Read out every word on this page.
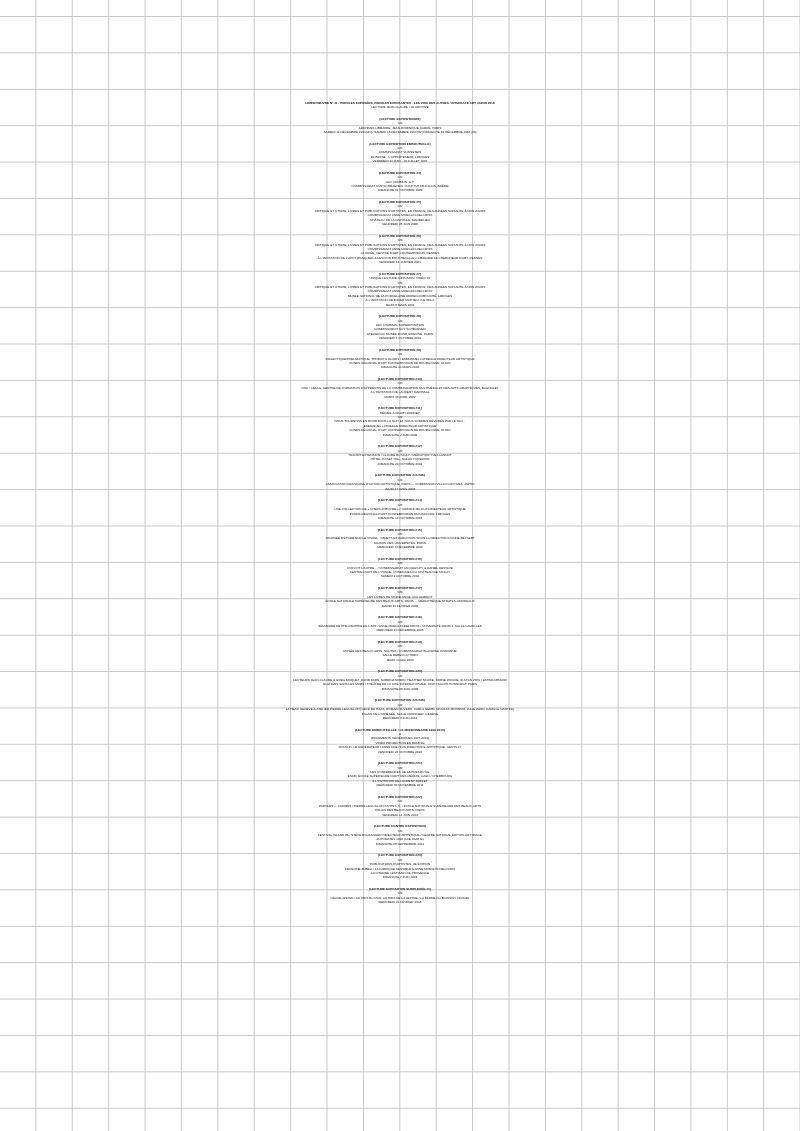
HORSD'ŒUVRE N° 41 / PAROLES EXPOSÉES, PAROLES EXPOSANTES : LES VOIX DES AUTRES / INTERFACE ART, DIJON 2018
LECTURE JEAN-CLAUDE / LE ARCHIVE
[LECTURE EXPOSITION#0]
C/0
ARCHIVES LIBRAIRIE, JEAN-DOMINIQUE CARRÉ, PARIS
SAMEDI 11 DÉCEMBRE 1993 [#1] / SAMEDI 18 DÉCEMBRE 1993 [#2] DIMANCHE 19 DÉCEMBRE 1993 [#3]
[LECTURE EXPOSITION EMBOUTEILLÉ]
C/0
COMMISSARIAT VLINSSTEIN
LE BESSE - L'APPARTEMENT, LIMOGES
VENDREDI 21 JUIN - 18 JUILLET 1997
[LECTURE EXPOSITION #4]
C/0
LEO COMMUN, G.T.
COMMISSARIAT GUY SCHRAENEN / INSTITUT FRANÇAIS, BRÊME
DIMANCHE 31 OCTOBRE 1999
[LECTURE EXPOSITION #5]
C/0
CRITIQUE ET UTOPIE, LIVRES ET PUBLICATIONS D'ARTISTES, EN FRANCE, DES ANNÉES SOIXANTE À NOS JOURS
COMMISSARIAT ANNE MOEGLIN-DELCROIX
CHÂTEAU DE LA NAPOULE, MANDELIEU
VENDREDI 23 JUIN 2000
[LECTURE EXPOSITION #6]
C/0
CRITIQUE ET UTOPIE, LIVRES ET PUBLICATIONS D'ARTISTES, EN FRANCE, DES ANNÉES SOIXANTE À NOS JOURS
COMMISSARIAT ANNE MOEGLIN-DELCROIX
LA CRIÉE, CENTRE D'ART CONTEMPORAIN, RENNES
À L'INVITATION DE L'APFT (PASQUIER & LESCOIN BOUCHEVALLE) / LIBRAIRIE LE CHERCHEUR D'ART, RENNES
VENDREDI 12 JANVIER 2001
[LECTURE EXPOSITION #7]
UNIQUE LECTURE DIFFUSION: VIDÉO 10'
C/0
CRITIQUE ET UTOPIE, LIVRES ET PUBLICATIONS D'ARTISTES, EN FRANCE, DES ANNÉES SOIXANTE À NOS JOURS
COMMISSARIAT ANNE MOEGLIN-DELCROIX
MUSÉE NATIONAL DE LA PORCELAINE ADRIEN-DUBOUCHÉ, LIMOGES
À L'INVITATION DE DIDIER MATHIEU / LE CDLA
JEUDI 8 MARS 2001
[LECTURE EXPOSITION #8]
C/0
LEO COMMUN, SUPERPOSITION
COMMISSARIAT GUY SCHRAENEN
ATELIER DU MUSÉE D'OSP GIDEONE, PARIS
VENDREDI 5 OCTOBRE 2001
[LECTURE EXPOSITION #9]
C/0
DIALECTIQUE/PNEUMATIQUE, THODUP & GLARIS / EMMANUEL LATREILLE DIRECTEUR ARTISTIQUE
FONDS RÉGIONAL D'ART CONTEMPORAIN DE BOURGOGNE, DIJON
DIMANCHE 24 MARS 2002
[LECTURE EXPOSITION #10]
C/0
CNU / CEFAG, CENTRE DE FORMATION D'APPRENTIS DE LA COMMUNICATION MULTIMÉDIA ET DES ARTS GRAPHIQUES, BAGNOLET
À L'INVITATION DE LAURENT MARISSAL
MARDI 30 AVRIL 2002
[LECTURE EXPOSITION #11]
DÉDIÉE À RALPH RODNEY
C/0
NOUS TOURNONS EN ROND DANS LA NUIT ET NOUS SOMMES DÉVORÉS PAR LE FEU...
EMMANUEL LATREILLE DIRECTEUR ARTISTIQUE
FONDS RÉGIONAL D'ART CONTEMPORAIN DE BOURGOGNE, DIJON
DIMANCHE 2 JUIN 2002
[LECTURE EXPOSITION #12]
C/0
TRANSIT EXTENSION / CLAUDE RUTAULT / MÉDIATION YVES LANNOT
HÔTEL FOISET HILL, SALON HYPERION
DIMANCHE 20 OCTOBRE 2002
[LECTURE EXPOSITION #13 BIS]
C/0
ASSOCIATION FRANÇAISE D'ACTION ARTISTIQUE, PARIS — COMMISSION VILLA KUJOYAMA, JAPON
JEUDI 17 AVRIL 2003
[LECTURE EXPOSITION #14]
C/0
UNE COLLECTION DE « CHEFS-D'ŒUVRE » / YANNICK MILOUX DIRECTEUR ARTISTIQUE
FONDS RÉGIONAL D'ART CONTEMPORAIN DU LIMOUSIN, LIMOGES
DIMANCHE 19 OCTOBRE 2003
[LECTURE EXPOSITION #15]
C/0
JOURNÉE D'ÉTUDE SUR LE VISUEL : OBJETS ET PARCOURS SOUS LA DIRECTION D'ANNE BEYAERT
MAISON DES UNIVERSITÉS, PARIS
MERCREDI 3 DÉCEMBRE 2003
[LECTURE EXPOSITION #16]
C/0
D'ON DIT L'AUTRE... / COMMISSARIAT JACQUES PY & DANIEL DESSOIE
CENTRE D'ART DE L'YONNE, COMMUNES DU CHÂTEAU DE TANLAY
SAMEDI 2 OCTOBRE 2004
[LECTURE EXPOSITION #17]
C/0
LES LIVRES DE MARIE-ANGE GUILLEMINOT
ÉCOLE NATIONALE SUPÉRIEURE DES BEAUX-ARTS, PARIS — MÉDIATHÈQUE STRATES-AMOREAUX
MARDI 22 FÉVRIER 2005
[LECTURE EXPOSITION #18]
C/0
SÉMINAIRE DE PHILOSOPHIE DE L'ART / ANNE MOEGLIN-DELCROIX / UNIVERSITÉ PARIS 1, SALLE CAVAILLES
MERCREDI 10 DÉCEMBRE 2008
[LECTURE EXPOSITION #19]
C/0
MUSÉE DES BEAUX-ARTS, NANTES / COMMISSARIAT BLANDINE CHAVANNE
SALLE REBECCA HORN
JEUDI 14 MAI 2009
[LECTURE EXPOSITION #20]
C/0
LECTEURS JEAN-CLAUDE & GREG MOQUET, DAVID FARN, SABRINA MORIN, HEATHER SCAIFE, SIRINE WOUDE, SULTAN ZIOU / FATIMA MHARDI
GLATIGNY SANS LES MURS / THÉÂTRE DE LA CITÉ INTERNATIONALE, CIUP / SALON HONNORAT, PARIS
DIMANCHE 28 JUIN 2009
[LECTURE EXPOSITION #20 BIS]
C/0
LA HEAD-GENÈVE & ATELIER PIERRE LEGUILLON [CÉCÉ DE HAAS, ROMAIN SUVERS, CARLA GERBI, NICOLAS MONNOM, JULIE ISOIN, CAMILLE NANTEIL]
PALAIS DE L'ATHÉNÉE, SALLE CROSNIER, GENÈVE
MERCREDI 3 JUIN 2010
[LECTURE EMBOUTEILLÉE / LE MISSIONNAIRE 1999 2010]
&
[FRAGMENTS GÉNÉRIQUES 1977-2010]
VIDÉO PROJECTION EN BOUCLE
FRASLIN, LE GÉNÉRATEUR / ANNE DREYFUS DIRECTRICE ARTISTIQUE, GENTILLY
VENDREDI 22 OCTOBRE 2010
[LECTURE EXPOSITION #21]
C/0
LES CONFÉRENCES DE LA PRESQU'ÎLE
ÉSAM, ÉCOLE SUPÉRIEURE D'ART DES MÉDIAS, CAEN / CHERBOURG
À L'INVITATION DE LAURENT BUFFET
MERCREDI 30 NOVEMBRE 2011
[LECTURE EXPOSITION #22]
C/0
PAROLES — FORMES / PIERRE LEGUILLON INVITE L.C. / ÉCOLE NATIONALE SUPÉRIEURE DES BEAUX-ARTS
PALAIS DES BEAUX-ARTS, PARIS
VENDREDI 13 JUIN 2014
[LECTURE CONTRE EXPOSITION]
C/0
FESTIVAL ISLAND #6 / STÈVE BOULANGER DIRECTEUR ARTISTIQUE / CENTRE NATIONAL ÉDITION ART IMAGE
AUTOMATES 1993 (1RE PARTIE)
DIMANCHE 28 SEPTEMBRE 2014
[LECTURE EXPOSITION #23]
C/0
PUBLICATIONS D'ARTISTES, 4E ÉDITION
FRANCINE ZUBELI / LA FABRIQUE SENSIBLE & ANNE MOEGLIN-DELCROIX
LA CITERNE / EST BAIN DE PROVENCE
DIMANCHE 7 JUIN 2015
[LECTURE EXPOSITION SURPLEXÉE #1]
C/0
CÉLINE AHOND / AU PRIX DU MUR, AU PRIX DE LA LETTRE / LA FERME DU BUISSON, NOISIEL
MERCREDI 21 FÉVRIER 2018
